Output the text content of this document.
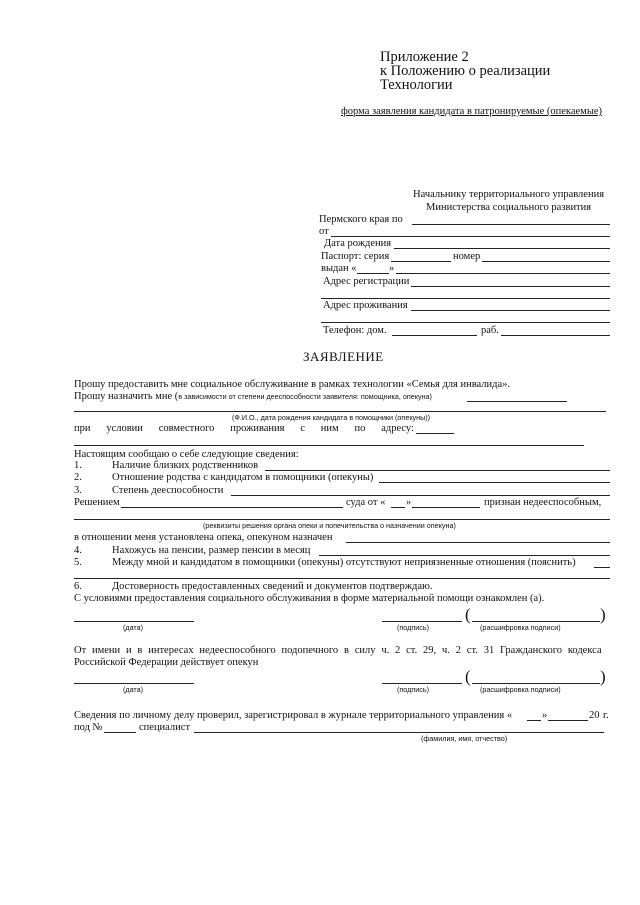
Приложение 2
к Положению о реализации
Технологии
форма заявления кандидата в патронируемые (опекаемые)
Начальнику территориального управления
Министерства социального развития
Пермского края по
от
Дата рождения
Паспорт: серия	номер
выдан «	»
Адрес регистрации
Адрес проживания
Телефон: дом.	раб.
ЗАЯВЛЕНИЕ
Прошу предоставить мне социальное обслуживание в рамках технологии «Семья для инвалида».
Прошу назначить мне (в зависимости от степени дееспособности заявителя: помощника, опекуна)
(Ф.И.О., дата рождения кандидата в помощники (опекуны))
при условии совместного проживания с ним по адресу:
Настоящим сообщаю о себе следующие сведения:
1.	Наличие близких родственников
2.	Отношение родства с кандидатом в помощники (опекуны)
3.	Степень дееспособности
Решением	суда от « »	признан недееспособным,
(реквизиты решения органа опеки и попечительства о назначении опекуна)
в отношении меня установлена опека, опекуном назначен
4.	Нахожусь на пенсии, размер пенсии в месяц
5.	Между мной и кандидатом в помощники (опекуны) отсутствуют неприязненные отношения (пояснить)
6.	Достоверность предоставленных сведений и документов подтверждаю.
С условиями предоставления социального обслуживания в форме материальной помощи ознакомлен (а).
(дата)	(подпись)
(	)
(расшифровка подписи)
От имени и в интересах недееспособного подопечного в силу ч. 2 ст. 29, ч. 2 ст. 31 Гражданского кодекса
Российской Федерации действует опекун
(дата)	(подпись)
(	)
(расшифровка подписи)
Сведения по личному делу проверил, зарегистрировал в журнале территориального управления «	»	20 г.
под №	специалист
(фамилия, имя, отчество)
